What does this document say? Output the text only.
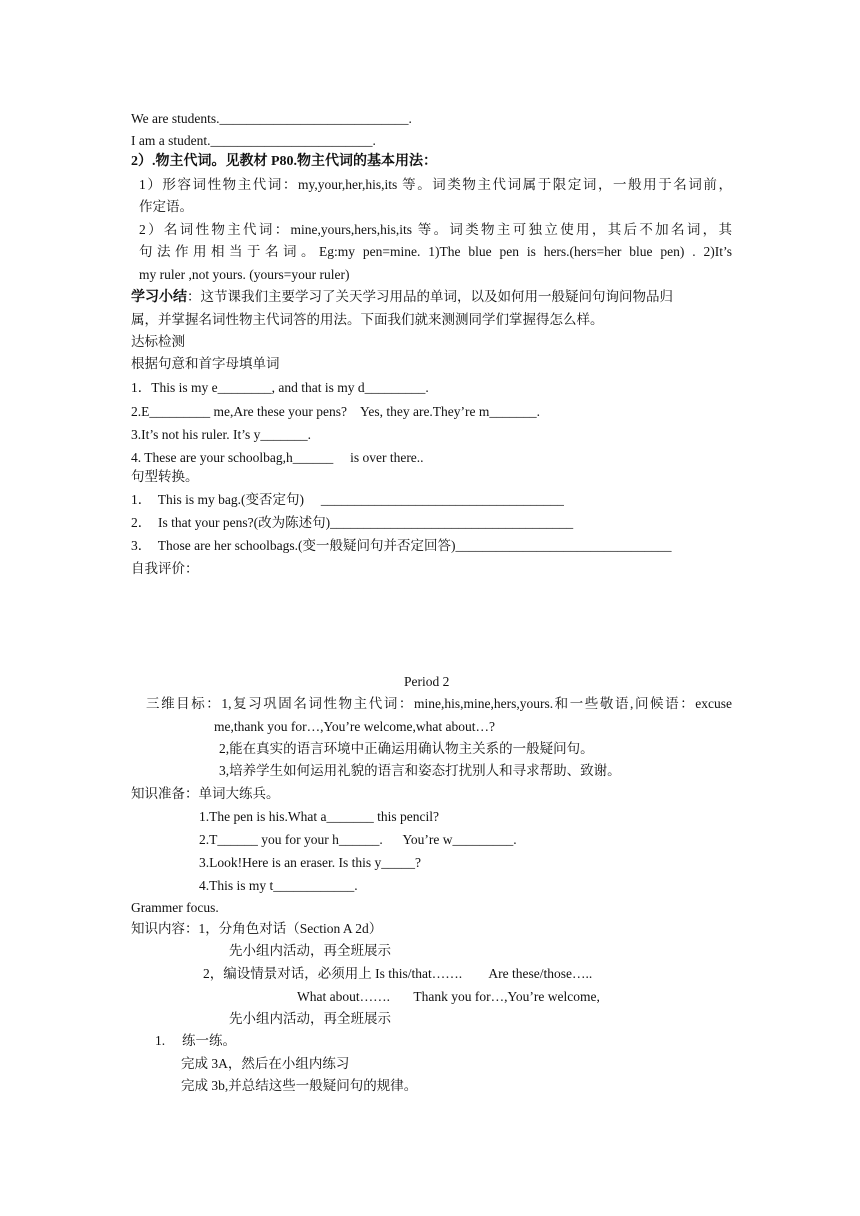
We are students.____________________________.
I am a student.________________________.
2）.物主代词。见教材 P80.物主代词的基本用法：
1）形容词性物主代词：my,your,her,his,its 等。词类物主代词属于限定词，一般用于名词前，
作定语。
2）名词性物主代词：mine,yours,hers,his,its 等。词类物主可独立使用，其后不加名词，其
句法作用相当于名词。Eg:my pen=mine. 1)The blue pen is hers.(hers=her blue pen) . 2)It’s
my ruler ,not yours. (yours=your ruler)
学习小结：这节课我们主要学习了关天学习用品的单词，以及如何用一般疑问句询问物品归
属，并掌握名词性物主代词答的用法。下面我们就来测测同学们掌握得怎么样。
达标检测
根据句意和首字母填单词
1．This is my e________, and that is my d_________.
2.E_________ me,Are these your pens?    Yes, they are.They’re m_______.
3.It’s not his ruler. It’s y_______.
4. These are your schoolbag,h______     is over there..
句型转换。
1．  This is my bag.(变否定句)     ____________________________________
2．  Is that your pens?(改为陈述句)____________________________________
3．  Those are her schoolbags.(变一般疑问句并否定回答)________________________________
自我评价：
Period 2
三维目标：1,复习巩固名词性物主代词：mine,his,mine,hers,yours.和一些敬语,问候语：excuse
me,thank you for…,You’re welcome,what about…?
2,能在真实的语言环境中正确运用确认物主关系的一般疑问句。
3,培养学生如何运用礼貌的语言和姿态打扰别人和寻求帮助、致谢。
知识准备：单词大练兵。
1.The pen is his.What a_______ this pencil?
2.T______ you for your h______.      You’re w_________.
3.Look!Here is an eraser. Is this y_____?
4.This is my t____________.
Grammer focus.
知识内容：1，分角色对话（Section A 2d）
先小组内活动，再全班展示
2，编设情景对话，必须用上 Is this/that…….        Are these/those…..
What about…….       Thank you for…,You’re welcome,
先小组内活动，再全班展示
1.     练一练。
完成 3A，然后在小组内练习
完成 3b,并总结这些一般疑问句的规律。
